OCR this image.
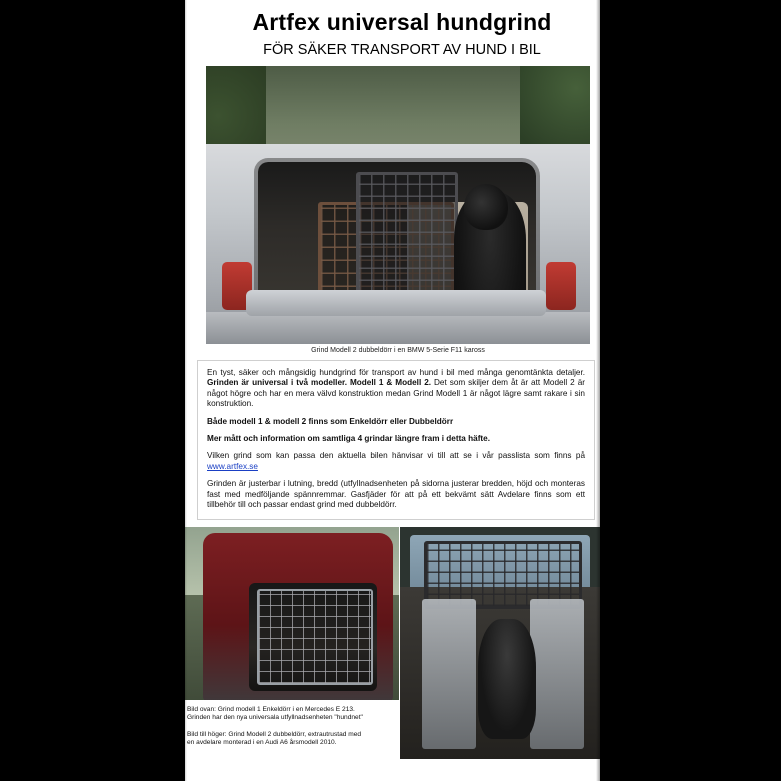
Artfex universal hundgrind
FÖR SÄKER TRANSPORT AV HUND I BIL
Grind Modell 2 dubbeldörr i en BMW 5-Serie F11 kaross

En tyst, säker och mångsidig hundgrind för transport av hund i bil med många genomtänkta detaljer. Grinden är universal i två modeller. Modell 1 & Modell 2. Det som skiljer dem åt är att Modell 2 är något högre och har en mera välvd konstruktion medan Grind Modell 1 är något lägre samt rakare i sin konstruktion.

Både modell 1 & modell 2 finns som Enkeldörr eller Dubbeldörr

Mer mått och information om samtliga 4 grindar längre fram i detta häfte.

Vilken grind som kan passa den aktuella bilen hänvisar vi till att se i vår passlista som finns på www.artfex.se

Grinden är justerbar i lutning, bredd (utfyllnadsenheten på sidorna justerar bredden, höjd och monteras fast med medföljande spännremmar. Gasfjäder för att på ett bekvämt sätt Avdelare finns som ett tillbehör till och passar endast grind med dubbeldörr.

Bild ovan: Grind modell 1 Enkeldörr i en Mercedes E 213.
Grinden har den nya universala utfyllnadsenheten "hundnet"
Bild till höger: Grind Modell 2 dubbeldörr, extrautrustad med
en avdelare monterad i en Audi A6 årsmodell 2010.
